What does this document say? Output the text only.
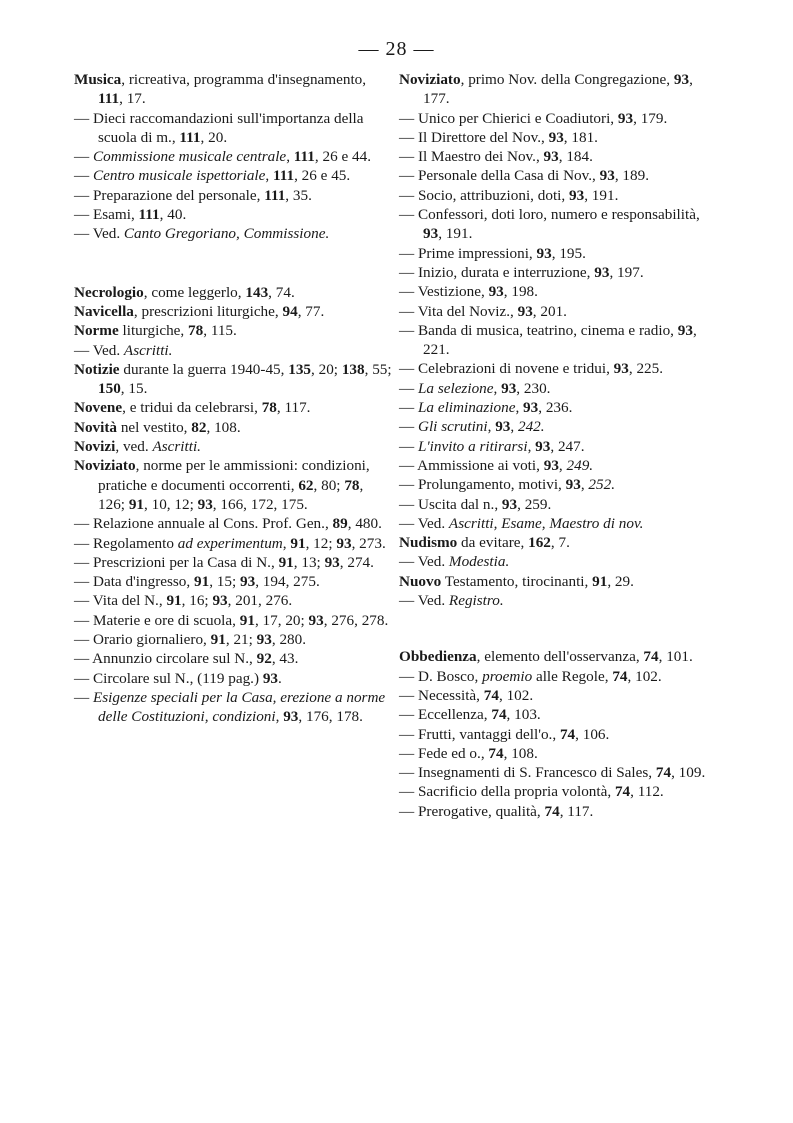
— 28 —

Musica, ricreativa, programma d'insegnamento, 111, 17.

— Dieci raccomandazioni sull'importanza della scuola di m., 111, 20.

— Commissione musicale centrale, 111, 26 e 44.

— Centro musicale ispettoriale, 111, 26 e 45.

— Preparazione del personale, 111, 35.

— Esami, 111, 40.

— Ved. Canto Gregoriano, Commissione.

Necrologio, come leggerlo, 143, 74.

Navicella, prescrizioni liturgiche, 94, 77.

Norme liturgiche, 78, 115.

— Ved. Ascritti.

Notizie durante la guerra 1940-45, 135, 20; 138, 55; 150, 15.

Novene, e tridui da celebrarsi, 78, 117.

Novità nel vestito, 82, 108.

Novizi, ved. Ascritti.

Noviziato, norme per le ammissioni: condizioni, pratiche e documenti occorrenti, 62, 80; 78, 126; 91, 10, 12; 93, 166, 172, 175.

— Relazione annuale al Cons. Prof. Gen., 89, 480.

— Regolamento ad experimentum, 91, 12; 93, 273.

— Prescrizioni per la Casa di N., 91, 13; 93, 274.

— Data d'ingresso, 91, 15; 93, 194, 275.

— Vita del N., 91, 16; 93, 201, 276.

— Materie e ore di scuola, 91, 17, 20; 93, 276, 278.

— Orario giornaliero, 91, 21; 93, 280.

— Annunzio circolare sul N., 92, 43.

— Circolare sul N., (119 pag.) 93.

— Esigenze speciali per la Casa, erezione a norme delle Costituzioni, condizioni, 93, 176, 178.

Noviziato, primo Nov. della Congregazione, 93, 177.

— Unico per Chierici e Coadiutori, 93, 179.

— Il Direttore del Nov., 93, 181.

— Il Maestro dei Nov., 93, 184.

— Personale della Casa di Nov., 93, 189.

— Socio, attribuzioni, doti, 93, 191.

— Confessori, doti loro, numero e responsabilità, 93, 191.

— Prime impressioni, 93, 195.

— Inizio, durata e interruzione, 93, 197.

— Vestizione, 93, 198.

— Vita del Noviz., 93, 201.

— Banda di musica, teatrino, cinema e radio, 93, 221.

— Celebrazioni di novene e tridui, 93, 225.

— La selezione, 93, 230.

— La eliminazione, 93, 236.

— Gli scrutini, 93, 242.

— L'invito a ritirarsi, 93, 247.

— Ammissione ai voti, 93, 249.

— Prolungamento, motivi, 93, 252.

— Uscita dal n., 93, 259.

— Ved. Ascritti, Esame, Maestro di nov.

Nudismo da evitare, 162, 7.

— Ved. Modestia.

Nuovo Testamento, tirocinanti, 91, 29.

— Ved. Registro.

Obbedienza, elemento dell'osservanza, 74, 101.

— D. Bosco, proemio alle Regole, 74, 102.

— Necessità, 74, 102.

— Eccellenza, 74, 103.

— Frutti, vantaggi dell'o., 74, 106.

— Fede ed o., 74, 108.

— Insegnamenti di S. Francesco di Sales, 74, 109.

— Sacrificio della propria volontà, 74, 112.

— Prerogative, qualità, 74, 117.
